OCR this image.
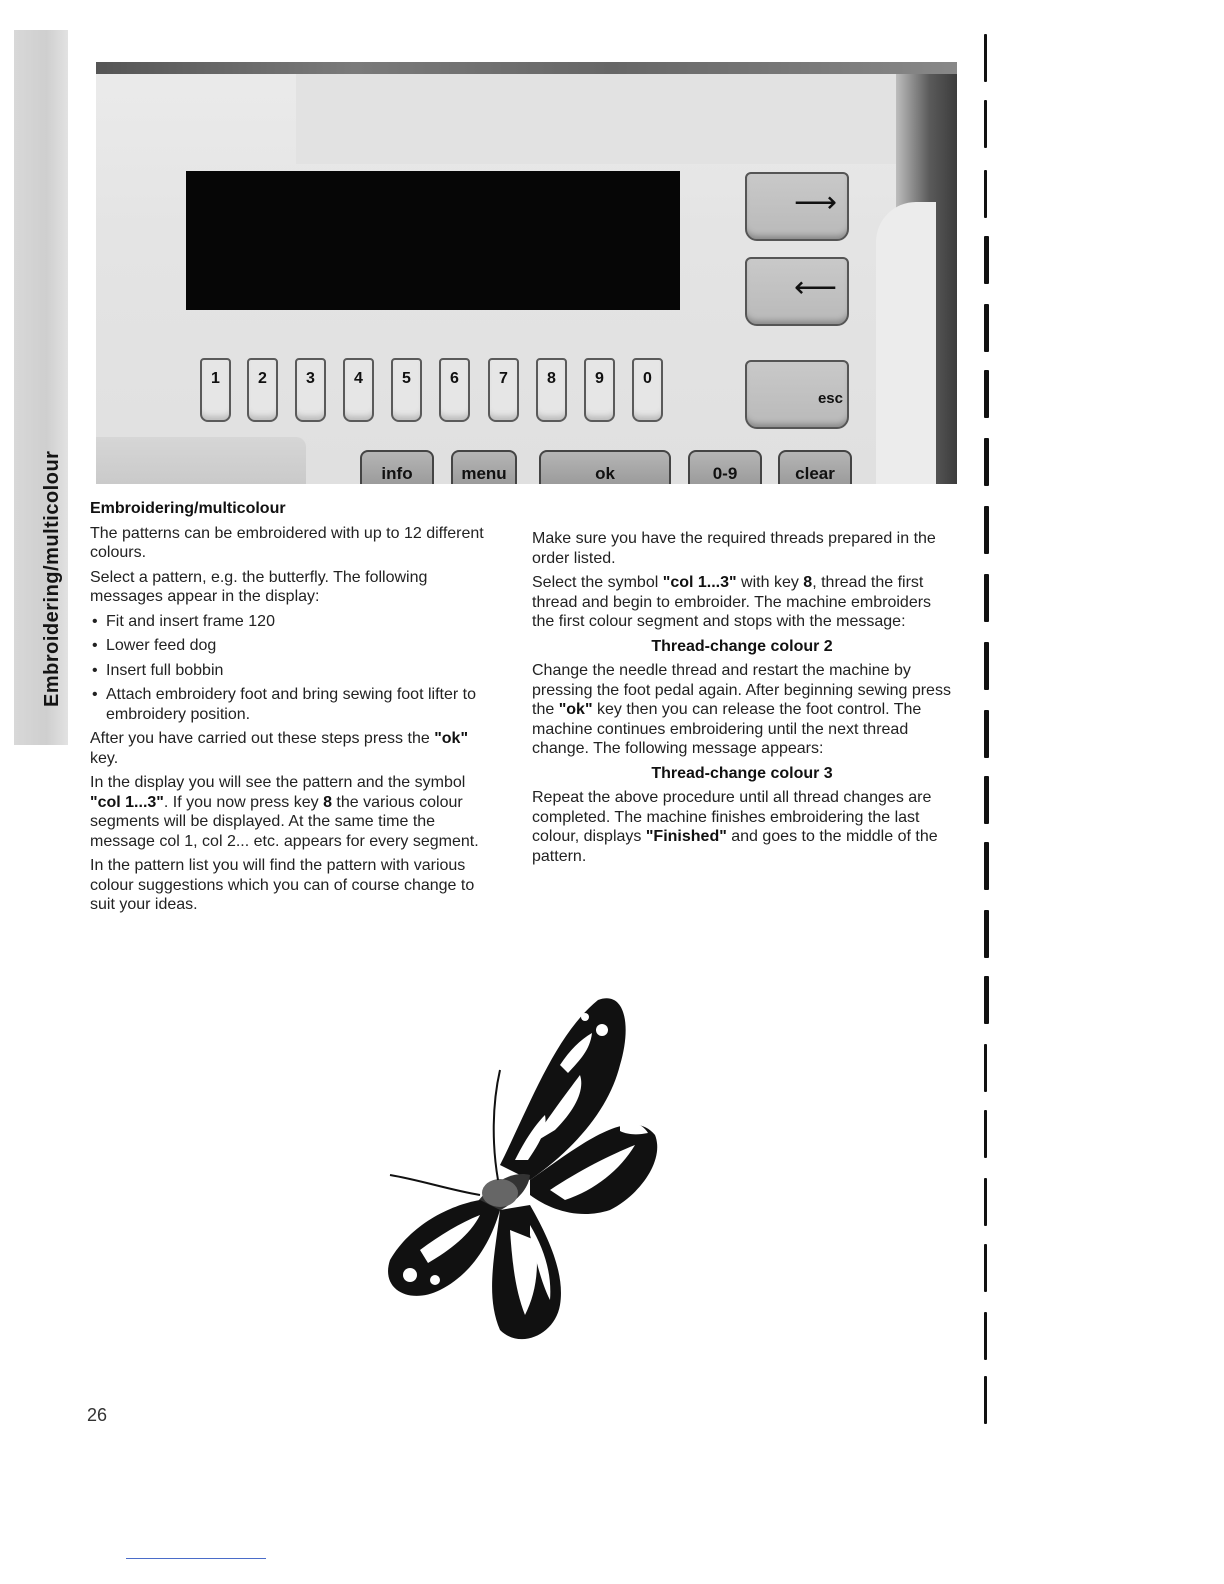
Embroidering/multicolour
1	2	3	4	5	6	7	8	9	0
⟶
⟵
esc
info	menu	ok	0-9	clear
Embroidering/multicolour

The patterns can be embroidered with up to 12 different colours.

Select a pattern, e.g. the butterfly. The following messages appear in the display:

• Fit and insert frame 120
• Lower feed dog
• Insert full bobbin
• Attach embroidery foot and bring sewing foot lifter to embroidery position.

After you have carried out these steps press the "ok" key.

In the display you will see the pattern and the symbol "col 1...3". If you now press key 8 the various colour segments will be displayed. At the same time the message col 1, col 2... etc. appears for every segment.

In the pattern list you will find the pattern with various colour suggestions which you can of course change to suit your ideas.

Make sure you have the required threads prepared in the order listed.

Select the symbol "col 1...3" with key 8, thread the first thread and begin to embroider. The machine embroiders the first colour segment and stops with the message:

Thread-change colour 2

Change the needle thread and restart the machine by pressing the foot pedal again. After beginning sewing press the "ok" key then you can release the foot control. The machine continues embroidering until the next thread change. The following message appears:

Thread-change colour 3

Repeat the above procedure until all thread changes are completed. The machine finishes embroidering the last colour, displays "Finished" and goes to the middle of the pattern.

26
